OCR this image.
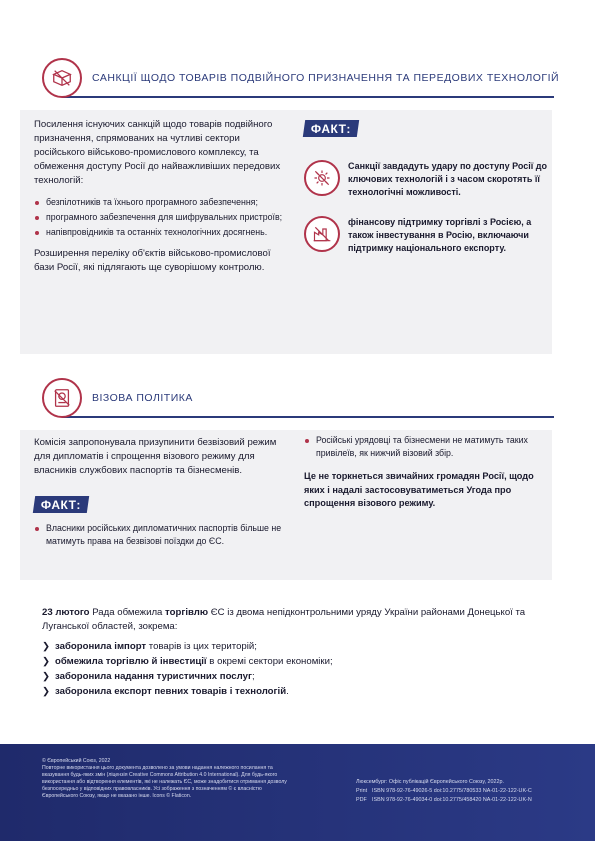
САНКЦІЇ ЩОДО ТОВАРІВ ПОДВІЙНОГО ПРИЗНАЧЕННЯ ТА ПЕРЕДОВИХ ТЕХНОЛОГІЙ

Посилення існуючих санкцій щодо товарів подвійного призначення, спрямованих на чутливі сектори російського військово-промислового комплексу, та обмеження доступу Росії до найважливіших передових технологій:

безпілотників та їхнього програмного забезпечення;
програмного забезпечення для шифрувальних пристроїв;
напівпровідників та останніх технологічних досягнень.

Розширення переліку об'єктів військово-промислової бази Росії, які підлягають ще суворішому контролю.

ФАКТ:
Санкції завдадуть удару по доступу Росії до ключових технологій і з часом скоротять її технологічні можливості.
фінансову підтримку торгівлі з Росією, а також інвестування в Росію, включаючи підтримку національного експорту.
ВІЗОВА ПОЛІТИКА

Комісія запропонувала призупинити безвізовий режим для дипломатів і спрощення візового режиму для власників службових паспортів та бізнесменів.

ФАКТ:
Власники російських дипломатичних паспортів більше не матимуть права на безвізові поїздки до ЄС.
Російські урядовці та бізнесмени не матимуть таких привілеїв, як нижчий візовий збір.

Це не торкнеться звичайних громадян Росії, щодо яких і надалі застосовуватиметься Угода про спрощення візового режиму.

23 лютого Рада обмежила торгівлю ЄС із двома непідконтрольними уряду України районами Донецької та Луганської областей, зокрема:
❯ заборонила імпорт товарів із цих територій;
❯ обмежила торгівлю й інвестиції в окремі сектори економіки;
❯ заборонила надання туристичних послуг;
❯ заборонила експорт певних товарів і технологій.
© Європейський Союз, 2022
Повторне використання цього документа дозволено за умови надання належного посилання та вказування будь-яких змін (ліцензія Creative Commons Attribution 4.0 International). Для будь-якого використання або відтворення елементів, які не належать ЄС, може знадобитися отримання дозволу безпосередньо у відповідних правовласників. Усі зображення з позначенням © є власністю Європейського Союзу, якщо не вказано інше. Icons © Flaticon.
Люксембург: Офіс публікацій Європейського Союзу, 2022р.
Print ISBN 978-92-76-49026-5 doi:10.2775/780533 NA-01-22-122-UK-C
PDF ISBN 978-92-76-49034-0 doi:10.2775/458420 NA-01-22-122-UK-N
